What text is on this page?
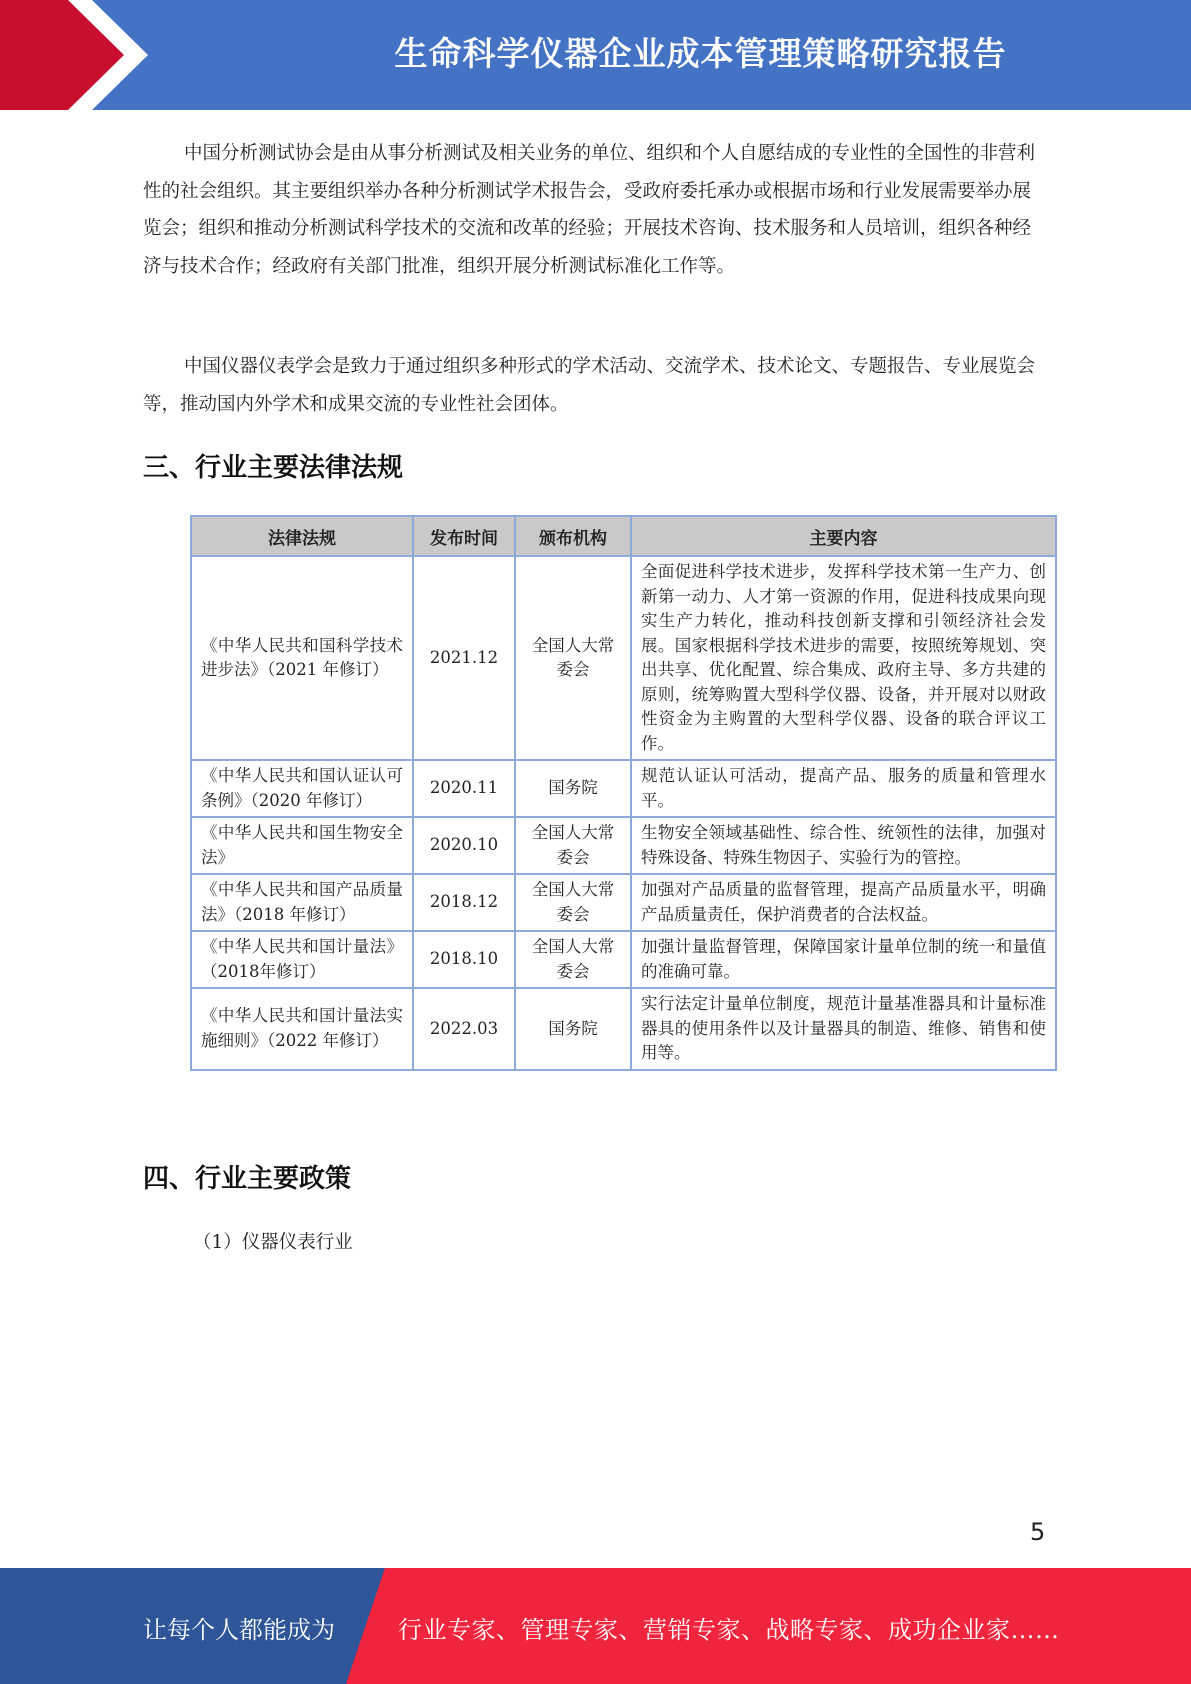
生命科学仪器企业成本管理策略研究报告

中国分析测试协会是由从事分析测试及相关业务的单位、组织和个人自愿结成的专业性的全国性的非营利性的社会组织。其主要组织举办各种分析测试学术报告会，受政府委托承办或根据市场和行业发展需要举办展览会；组织和推动分析测试科学技术的交流和改革的经验；开展技术咨询、技术服务和人员培训，组织各种经济与技术合作；经政府有关部门批准，组织开展分析测试标准化工作等。

中国仪器仪表学会是致力于通过组织多种形式的学术活动、交流学术、技术论文、专题报告、专业展览会等，推动国内外学术和成果交流的专业性社会团体。

三、行业主要法律法规
法律法规	发布时间	颁布机构	主要内容
《中华人民共和国科学技术进步法》（2021 年修订）	2021.12	全国人大常委会	全面促进科学技术进步，发挥科学技术第一生产力、创新第一动力、人才第一资源的作用，促进科技成果向现实生产力转化，推动科技创新支撑和引领经济社会发展。国家根据科学技术进步的需要，按照统筹规划、突出共享、优化配置、综合集成、政府主导、多方共建的原则，统筹购置大型科学仪器、设备，并开展对以财政性资金为主购置的大型科学仪器、设备的联合评议工作。
《中华人民共和国认证认可条例》（2020 年修订）	2020.11	国务院	规范认证认可活动，提高产品、服务的质量和管理水平。
《中华人民共和国生物安全法》	2020.10	全国人大常委会	生物安全领域基础性、综合性、统领性的法律，加强对特殊设备、特殊生物因子、实验行为的管控。
《中华人民共和国产品质量法》（2018 年修订）	2018.12	全国人大常委会	加强对产品质量的监督管理，提高产品质量水平，明确产品质量责任，保护消费者的合法权益。
《中华人民共和国计量法》（2018年修订）	2018.10	全国人大常委会	加强计量监督管理，保障国家计量单位制的统一和量值的准确可靠。
《中华人民共和国计量法实施细则》（2022 年修订）	2022.03	国务院	实行法定计量单位制度，规范计量基准器具和计量标准器具的使用条件以及计量器具的制造、维修、销售和使用等。
四、行业主要政策
（1）仪器仪表行业
5
让每个人都能成为	行业专家、管理专家、营销专家、战略专家、成功企业家……
